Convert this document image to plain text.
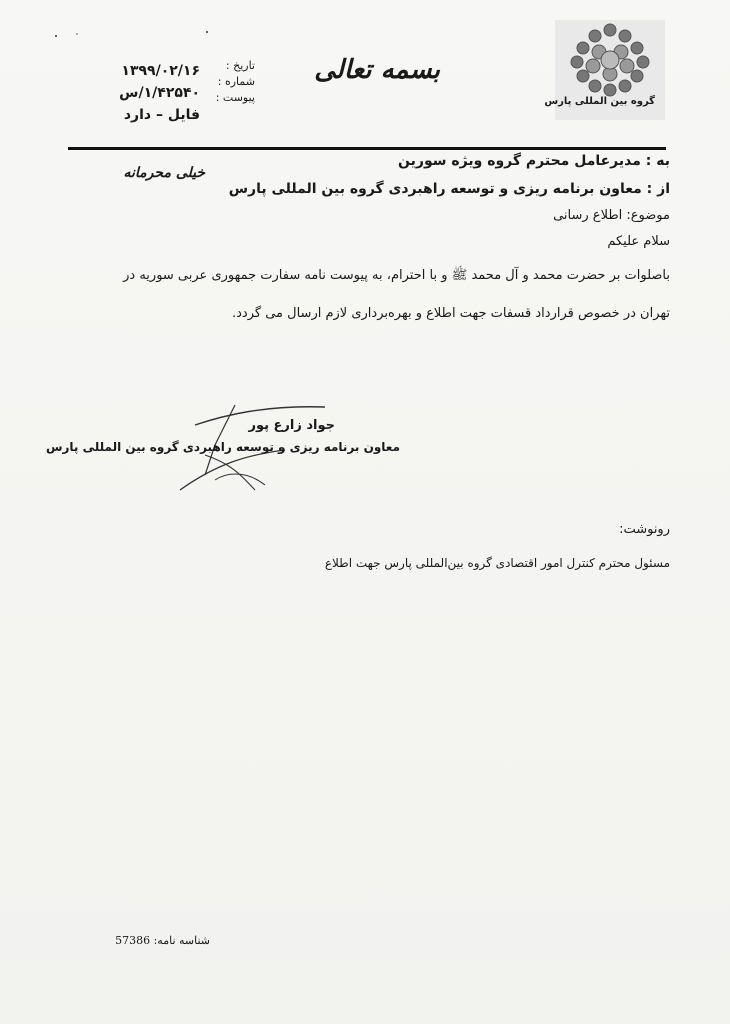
گروه بین المللی پارس
بسمه تعالی
تاریخ :
شماره :
پیوست :
۱۳۹۹/۰۲/۱۶
۱/۴۲۵۴۰/س
فایل – دارد
به : مدیرعامل محترم گروه ویژه سورین
خیلی محرمانه
از : معاون برنامه ریزی و توسعه راهبردی گروه بین المللی پارس
موضوع: اطلاع رسانی
سلام علیکم
باصلوات بر حضرت محمد و آل محمد ﷺ و با احترام، به پیوست نامه سفارت جمهوری عربی سوریه در
تهران در خصوص قرارداد قسفات جهت اطلاع و بهره‌برداری لازم ارسال می گردد.
جواد زارع پور
معاون برنامه ریزی و توسعه راهبردی گروه بین المللی پارس
رونوشت:
مسئول محترم کنترل امور اقتصادی گروه بین‌المللی پارس جهت اطلاع
شناسه نامه: 57386
